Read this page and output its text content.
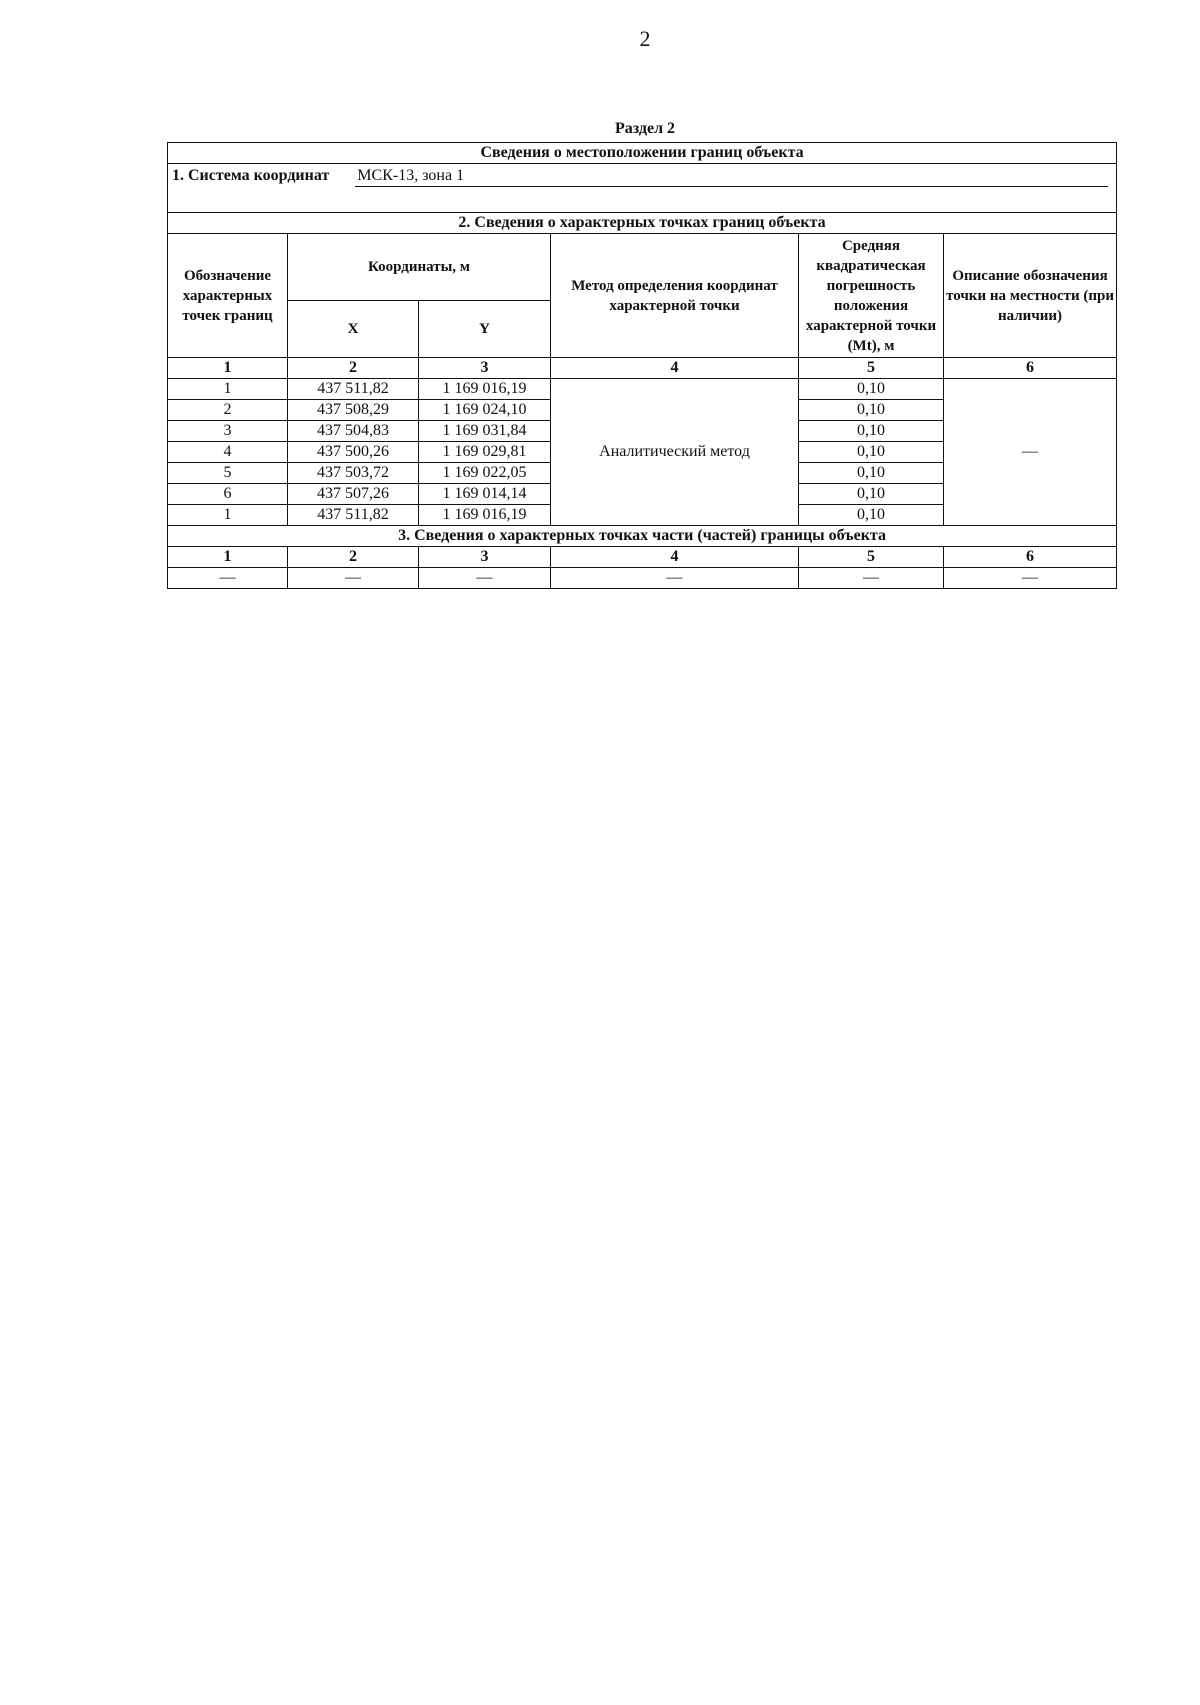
2
Раздел 2
Сведения о местоположении границ объекта					

1. Система координат МСК-13, зона 1					

2. Сведения о характерных точках границ объекта					
Обозначение характерных точек границ	Координаты, м		Метод определения координат характерной точки	Средняя квадратическая погрешность положения характерной точки (Mt), м	Описание обозначения точки на местности (при наличии)
	X	Y			
1	2	3	4	5	6
1	437 511,82	1 169 016,19	Аналитический метод	0,10	—
2	437 508,29	1 169 024,10		0,10	
3	437 504,83	1 169 031,84		0,10	
4	437 500,26	1 169 029,81		0,10	
5	437 503,72	1 169 022,05		0,10	
6	437 507,26	1 169 014,14		0,10	
1	437 511,82	1 169 016,19		0,10	
3. Сведения о характерных точках части (частей) границы объекта					
1	2	3	4	5	6
—	—	—	—	—	—
